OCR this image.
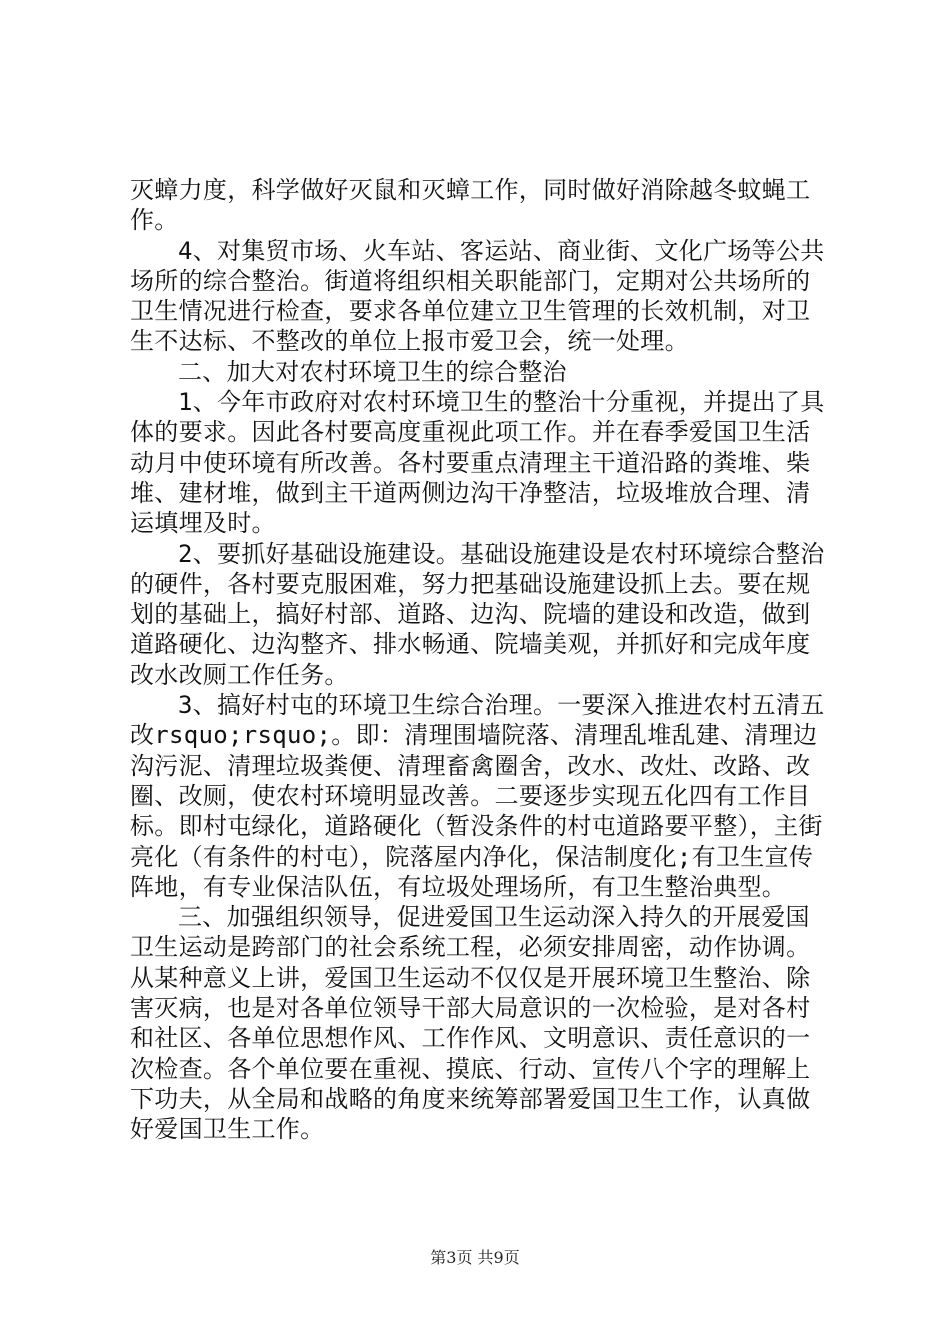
灭蟑力度，科学做好灭鼠和灭蟑工作，同时做好消除越冬蚊蝇工作。

4、对集贸市场、火车站、客运站、商业街、文化广场等公共场所的综合整治。街道将组织相关职能部门，定期对公共场所的卫生情况进行检查，要求各单位建立卫生管理的长效机制，对卫生不达标、不整改的单位上报市爱卫会，统一处理。

二、加大对农村环境卫生的综合整治

1、今年市政府对农村环境卫生的整治十分重视，并提出了具体的要求。因此各村要高度重视此项工作。并在春季爱国卫生活动月中使环境有所改善。各村要重点清理主干道沿路的粪堆、柴堆、建材堆，做到主干道两侧边沟干净整洁，垃圾堆放合理、清运填埋及时。

2、要抓好基础设施建设。基础设施建设是农村环境综合整治的硬件，各村要克服困难，努力把基础设施建设抓上去。要在规划的基础上，搞好村部、道路、边沟、院墙的建设和改造，做到道路硬化、边沟整齐、排水畅通、院墙美观，并抓好和完成年度改水改厕工作任务。

3、搞好村屯的环境卫生综合治理。一要深入推进农村五清五改rsquo;rsquo;。即：清理围墙院落、清理乱堆乱建、清理边沟污泥、清理垃圾粪便、清理畜禽圈舍，改水、改灶、改路、改圈、改厕，使农村环境明显改善。二要逐步实现五化四有工作目标。即村屯绿化，道路硬化（暂没条件的村屯道路要平整），主街亮化（有条件的村屯），院落屋内净化，保洁制度化;有卫生宣传阵地，有专业保洁队伍，有垃圾处理场所，有卫生整治典型。

三、加强组织领导，促进爱国卫生运动深入持久的开展爱国卫生运动是跨部门的社会系统工程，必须安排周密，动作协调。从某种意义上讲，爱国卫生运动不仅仅是开展环境卫生整治、除害灭病，也是对各单位领导干部大局意识的一次检验，是对各村和社区、各单位思想作风、工作作风、文明意识、责任意识的一次检查。各个单位要在重视、摸底、行动、宣传八个字的理解上下功夫，从全局和战略的角度来统筹部署爱国卫生工作，认真做好爱国卫生工作。

第3页 共9页
